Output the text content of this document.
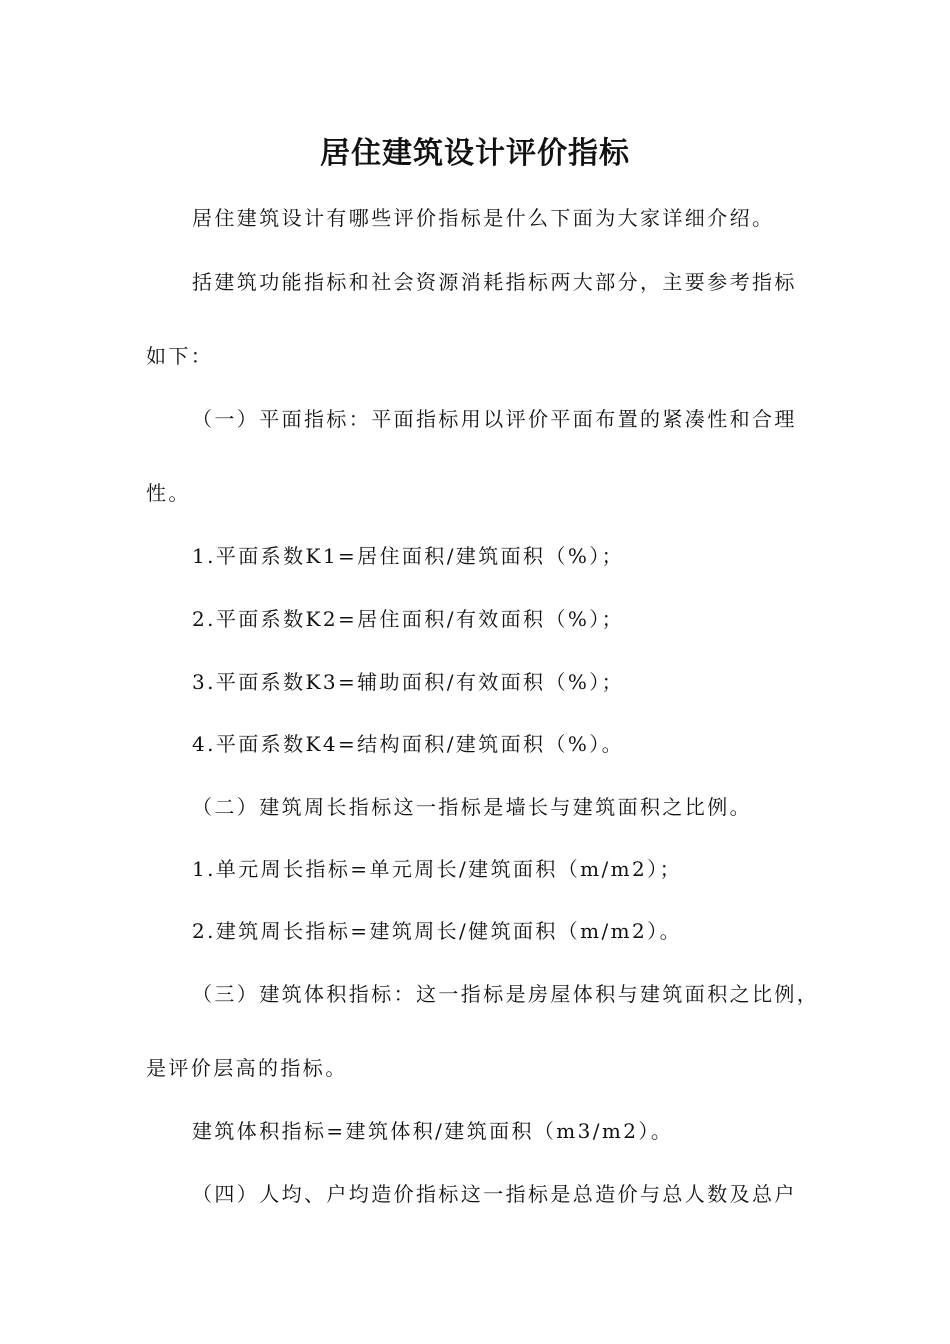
居住建筑设计评价指标
居住建筑设计有哪些评价指标是什么下面为大家详细介绍。
括建筑功能指标和社会资源消耗指标两大部分，主要参考指标
如下：
（一）平面指标：平面指标用以评价平面布置的紧凑性和合理
性。
1.平面系数K1=居住面积/建筑面积（%）；
2.平面系数K2=居住面积/有效面积（%）；
3.平面系数K3=辅助面积/有效面积（%）；
4.平面系数K4=结构面积/建筑面积（%）。
（二）建筑周长指标这一指标是墙长与建筑面积之比例。
1.单元周长指标=单元周长/建筑面积（m/m2）；
2.建筑周长指标=建筑周长/健筑面积（m/m2）。
（三）建筑体积指标：这一指标是房屋体积与建筑面积之比例，
是评价层高的指标。
建筑体积指标=建筑体积/建筑面积（m3/m2）。
（四）人均、户均造价指标这一指标是总造价与总人数及总户
